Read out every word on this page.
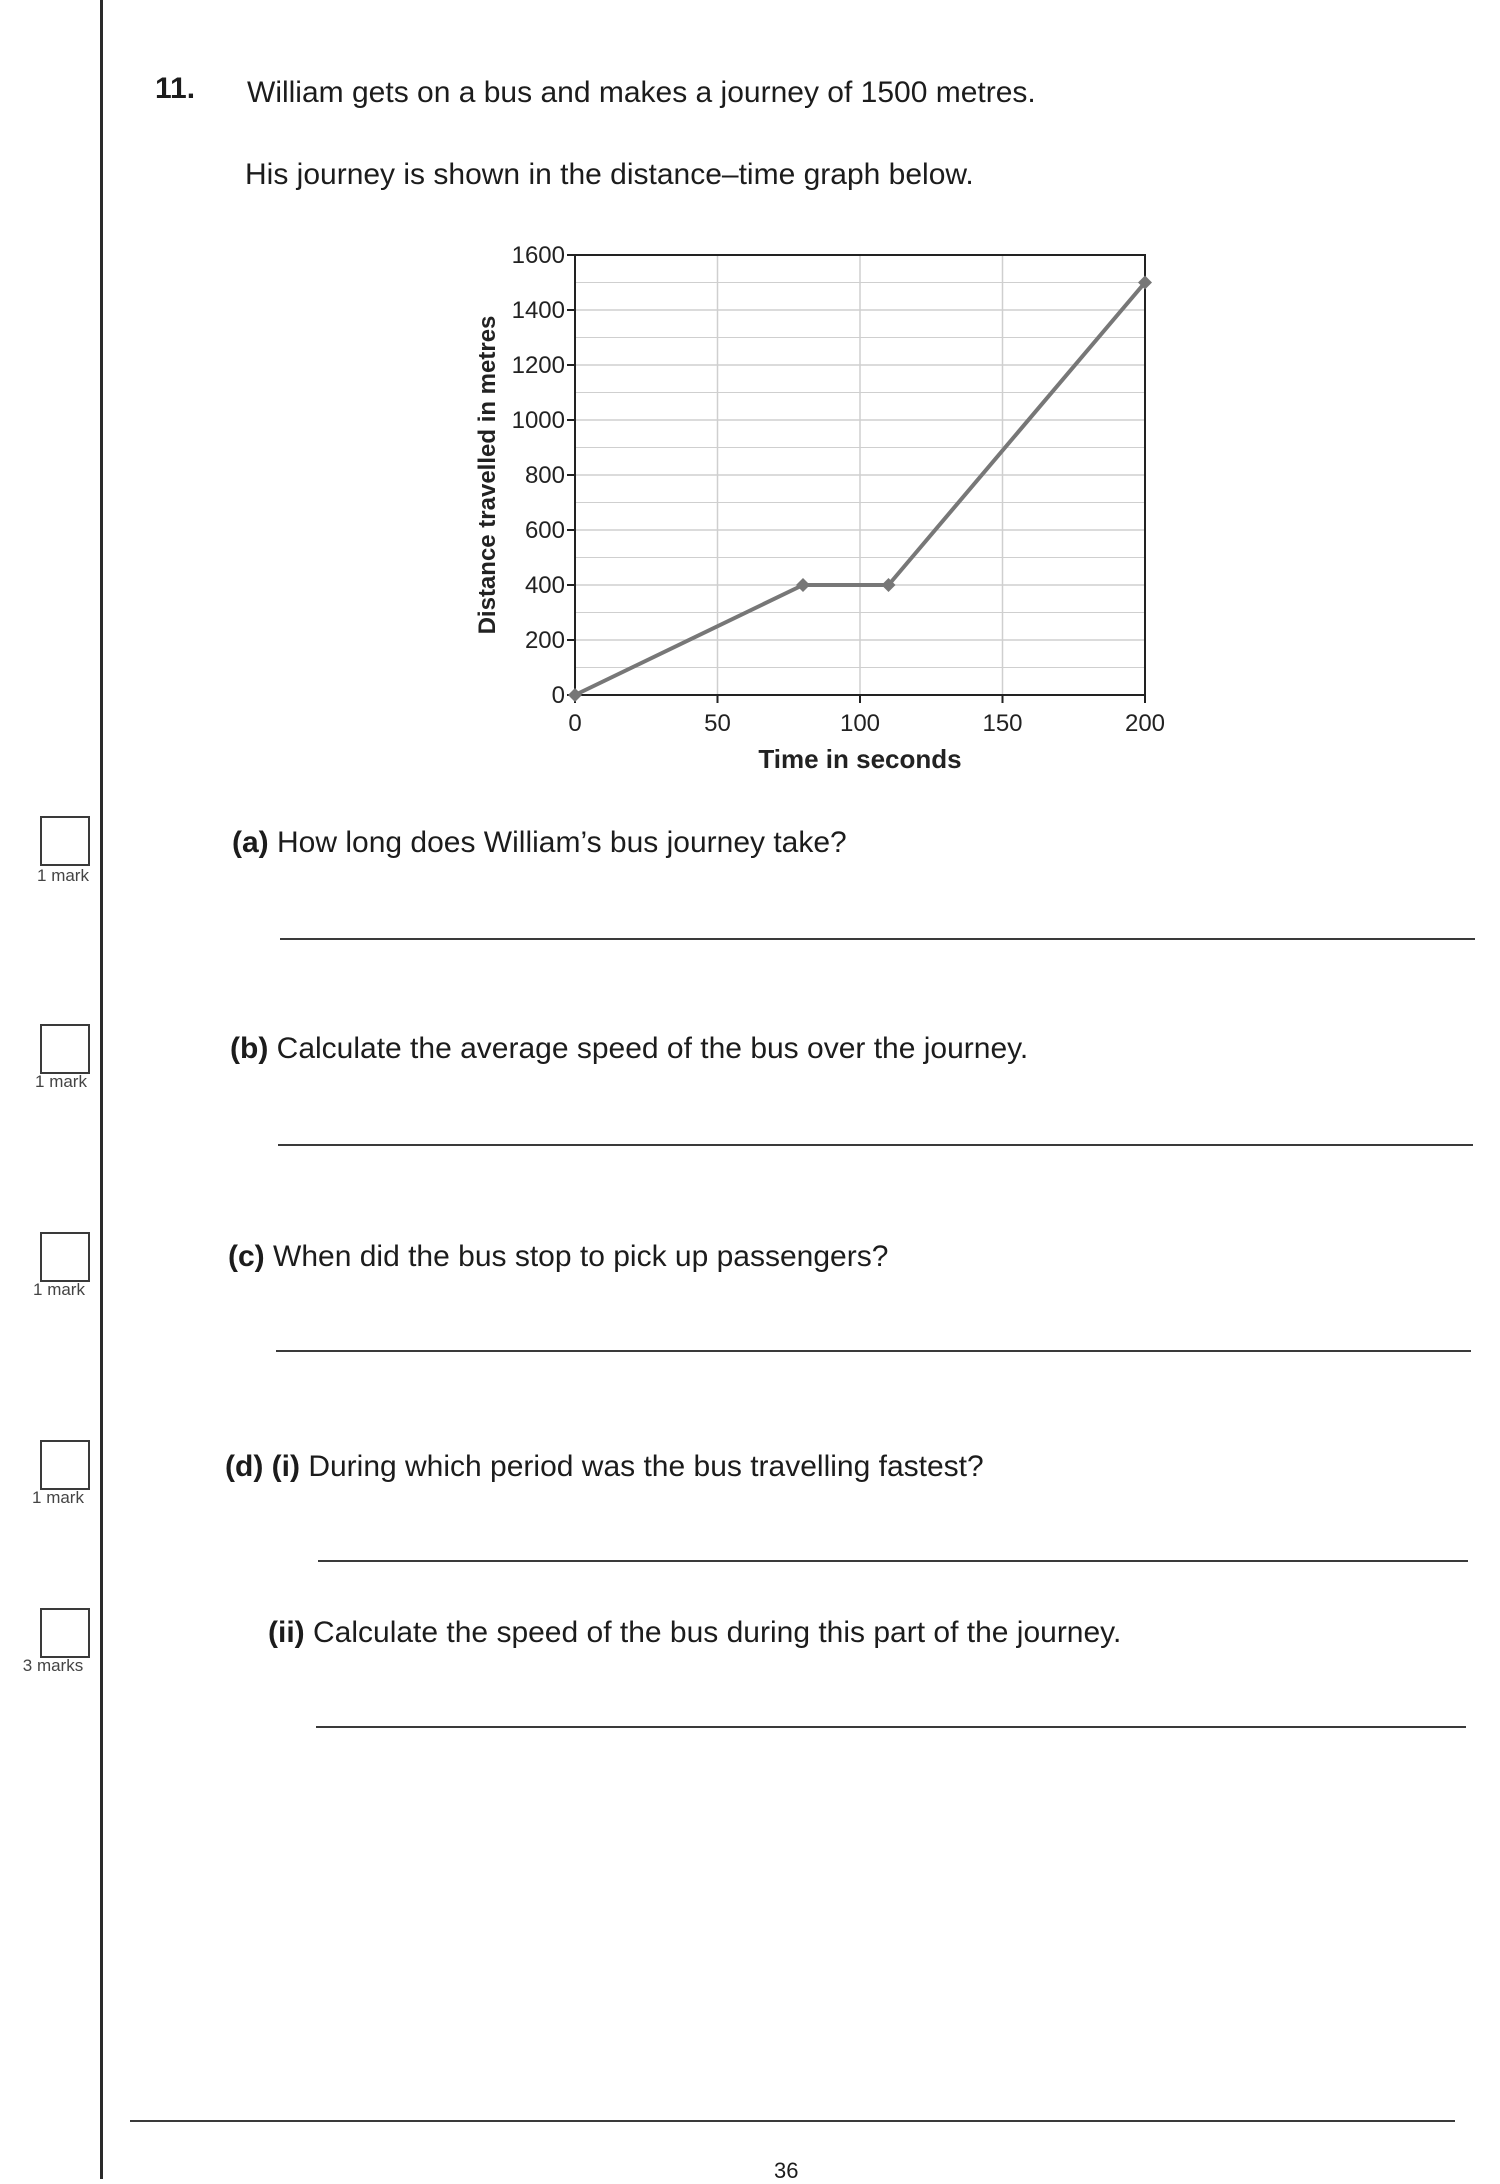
1 mark
1 mark
1 mark
1 mark
3 marks
11. William gets on a bus and makes a journey of 1500 metres.
His journey is shown in the distance–time graph below.
0
200
400
600
800
1000
1200
1400
1600
0	50	100	150	200
Time in seconds
Distance travelled in metres
(a) How long does William’s bus journey take?
(b) Calculate the average speed of the bus over the journey.
(c) When did the bus stop to pick up passengers?
(d) (i) During which period was the bus travelling fastest?
(ii) Calculate the speed of the bus during this part of the journey.
36
